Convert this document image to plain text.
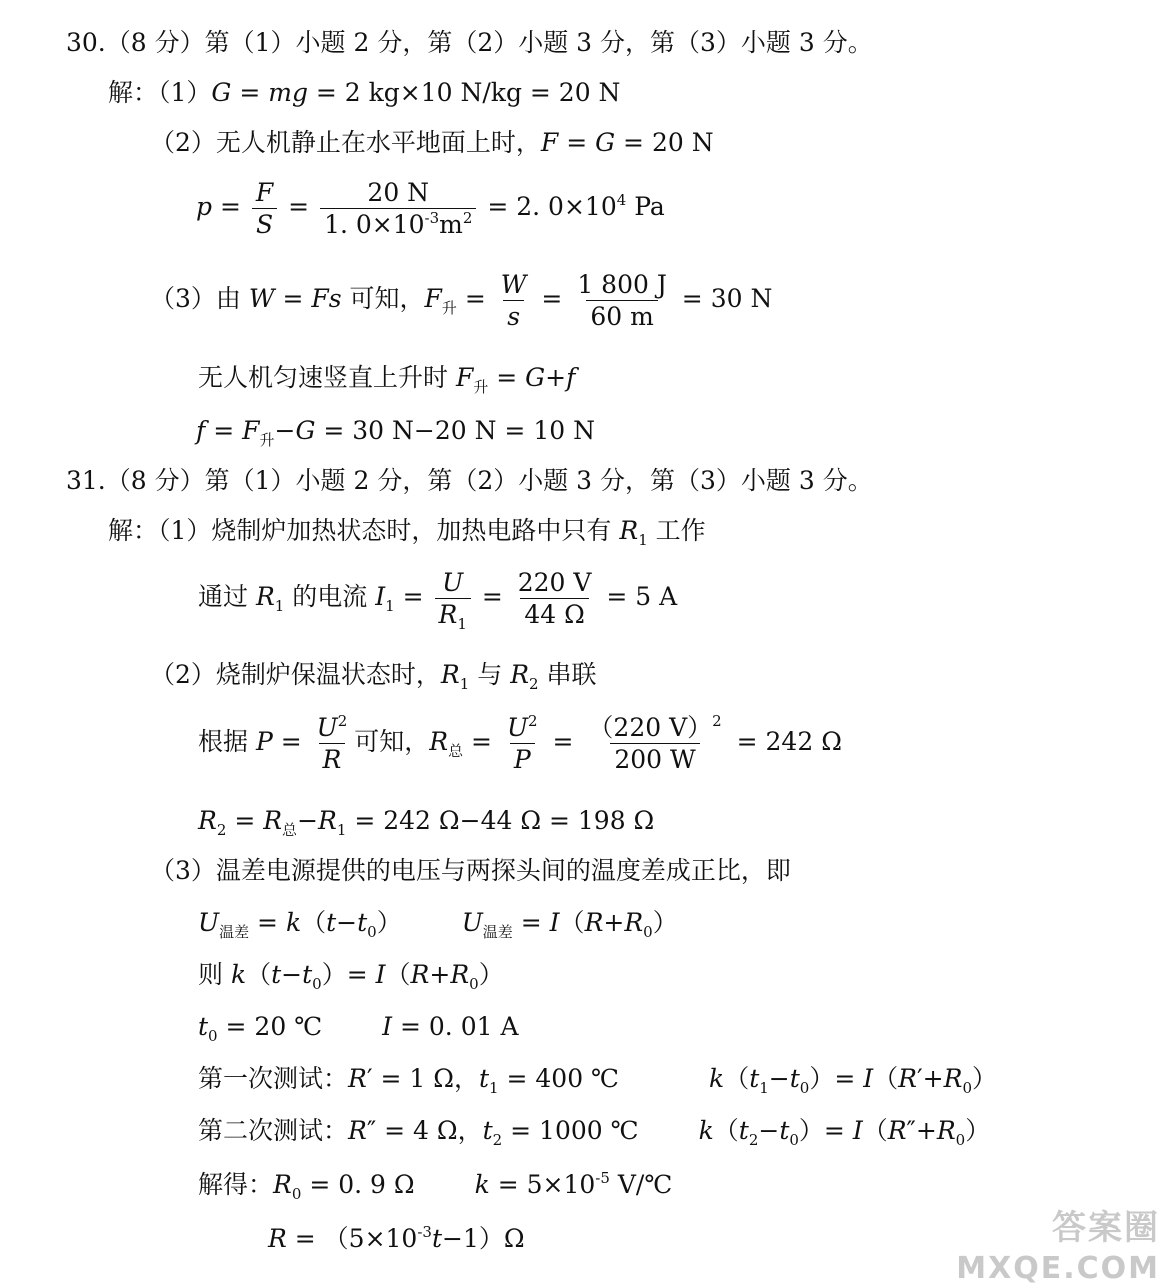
30.（8 分）第（1）小题 2 分，第（2）小题 3 分，第（3）小题 3 分。
解：（1）G = mg = 2 kg×10 N/kg = 20 N
（2）无人机静止在水平地面上时，F = G = 20 N
$p = \frac{F}{S} = \frac{20 N}{1. 0\times 10^{-3}m^2} = 2$. $0\times 10^4$ Pa
（3）由 W = Fs 可知，$F_升 = \frac{W}{s} = \frac{1 800 J}{60 m} = 30$ N
无人机匀速竖直上升时 $F_升 = G+f$
$f = F_升-G = 30$ N−20 N = 10 N
31.（8 分）第（1）小题 2 分，第（2）小题 3 分，第（3）小题 3 分。
解：（1）烧制炉加热状态时，加热电路中只有 $R_1$ 工作
通过 $R_1$ 的电流 $I_1 = \frac{U}{R_1} = \frac{220 V}{44 \Omega} = 5$ A
（2）烧制炉保温状态时，$R_1$ 与 $R_2$ 串联
根据 $P = \frac{U^2}{R}$ 可知，$R_总 = \frac{U^2}{P} = \frac{(220 V)^2}{200 W} = 242$ Ω
$R_2 = R_总-R_1 = 242$ Ω−44 Ω = 198 Ω
（3）温差电源提供的电压与两探头间的温度差成正比，即
$U_{温差} = k(t-t_0) U_{温差} = I(R+R_0)$
则 $k(t-t_0)= I(R+R_0)$
$t_0 = 20$ ℃ I = 0. 01 A
第一次测试：R′ = 1 Ω，$t_1 = 400$ ℃	$k(t_1-t_0)= I(R'+R_0)$
第二次测试：R″ = 4 Ω，$t_2 = 1000$ ℃ $k(t_2-t_0)= I(R''+R_0)$
解得：$R_0 = 0$. 9 Ω $k = 5\times 10^{-5}$ V/℃
$R = (5\times 10^{-3}t-1)\Omega$	答案圈
MXQE.COM
